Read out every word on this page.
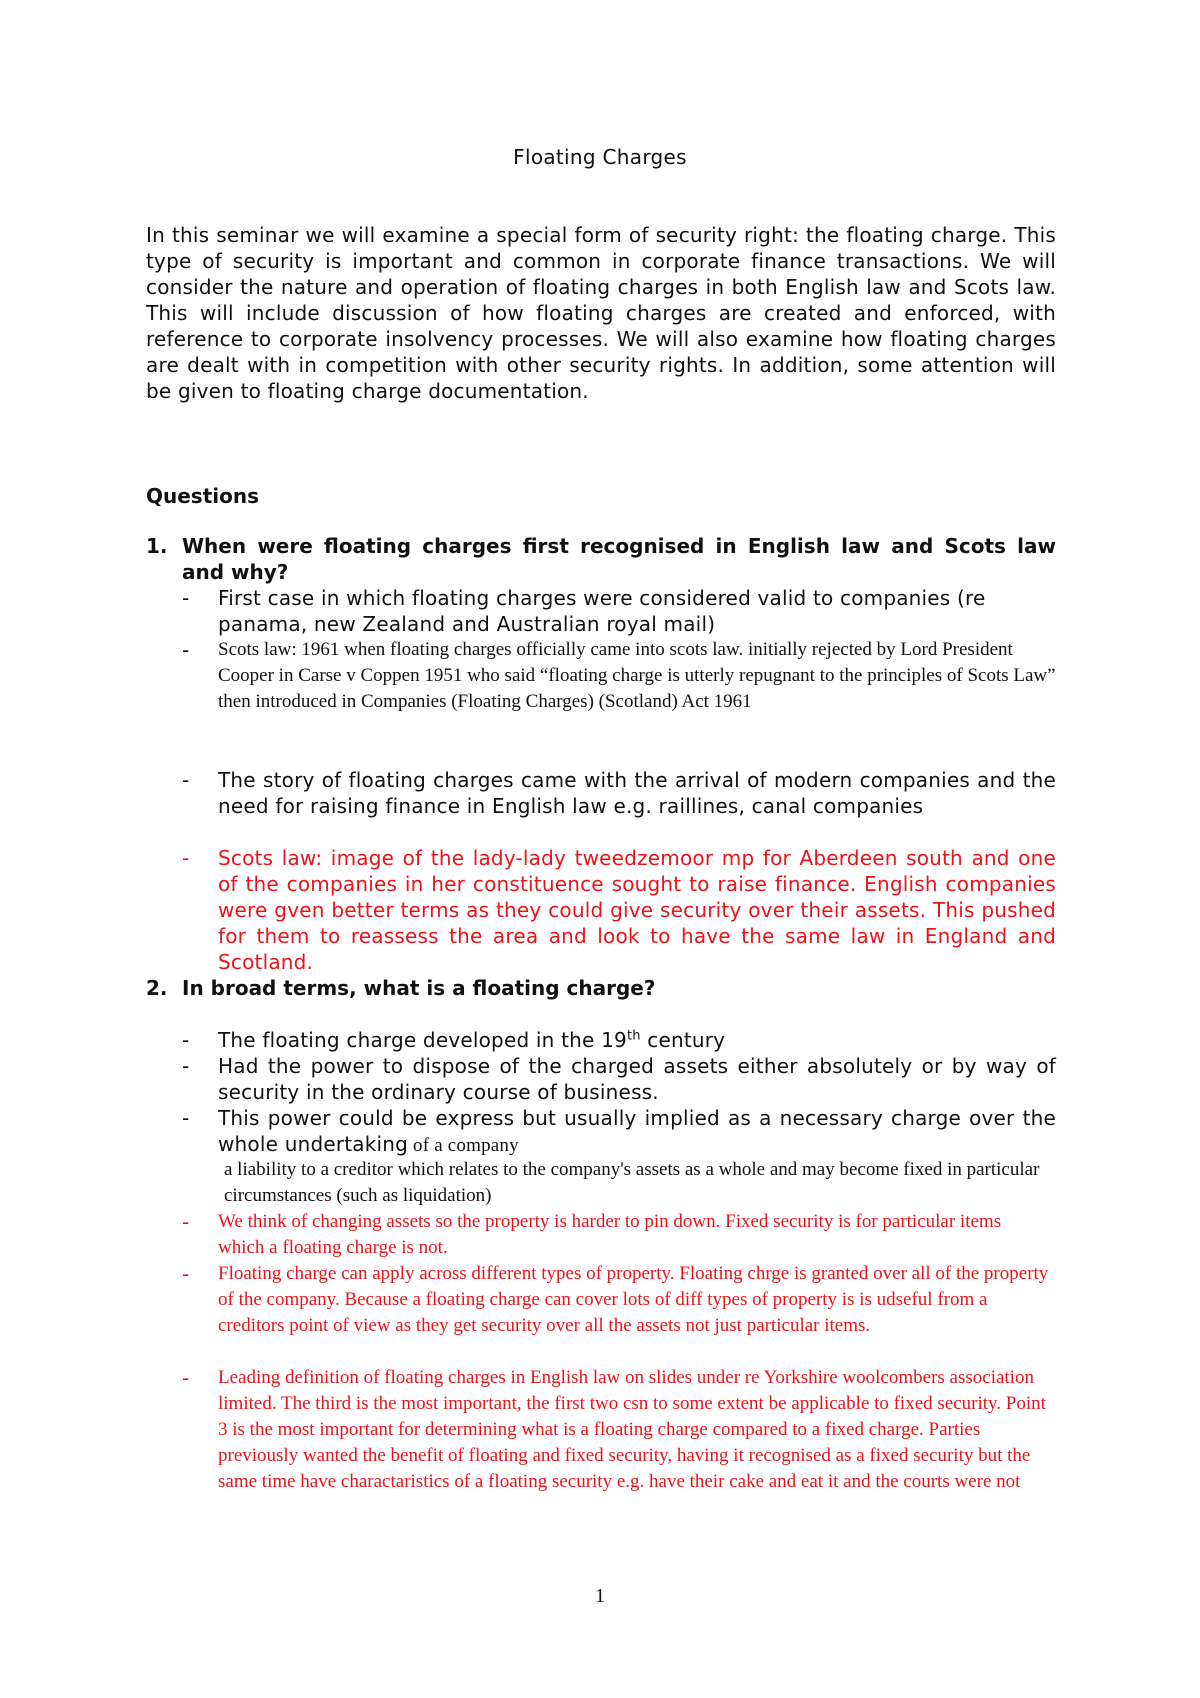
Floating Charges

In this seminar we will examine a special form of security right: the floating charge. This type of security is important and common in corporate finance transactions. We will consider the nature and operation of floating charges in both English law and Scots law. This will include discussion of how floating charges are created and enforced, with reference to corporate insolvency processes. We will also examine how floating charges are dealt with in competition with other security rights. In addition, some attention will be given to floating charge documentation.

Questions
1. When were floating charges first recognised in English law and Scots law and why?
- First case in which floating charges were considered valid to companies (re panama, new Zealand and Australian royal mail)
- Scots law: 1961 when floating charges officially came into scots law. initially rejected by Lord President Cooper in Carse v Coppen 1951 who said “floating charge is utterly repugnant to the principles of Scots Law” then introduced in Companies (Floating Charges) (Scotland) Act 1961
- The story of floating charges came with the arrival of modern companies and the need for raising finance in English law e.g. raillines, canal companies
- Scots law: image of the lady-lady tweedzemoor mp for Aberdeen south and one of the companies in her constituence sought to raise finance. English companies were gven better terms as they could give security over their assets. This pushed for them to reassess the area and look to have the same law in England and Scotland.
2. In broad terms, what is a floating charge?
- The floating charge developed in the 19th century
- Had the power to dispose of the charged assets either absolutely or by way of security in the ordinary course of business.
- This power could be express but usually implied as a necessary charge over the whole undertaking of a company

a liability to a creditor which relates to the company's assets as a whole and may become fixed in particular circumstances (such as liquidation)

- We think of changing assets so the property is harder to pin down. Fixed security is for particular items which a floating charge is not.
- Floating charge can apply across different types of property. Floating chrge is granted over all of the property of the company. Because a floating charge can cover lots of diff types of property is is udseful from a creditors point of view as they get security over all the assets not just particular items.
- Leading definition of floating charges in English law on slides under re Yorkshire woolcombers association limited. The third is the most important, the first two csn to some extent be applicable to fixed security. Point 3 is the most important for determining what is a floating charge compared to a fixed charge. Parties previously wanted the benefit of floating and fixed security, having it recognised as a fixed security but the same time have charactaristics of a floating security e.g. have their cake and eat it and the courts were not
1
